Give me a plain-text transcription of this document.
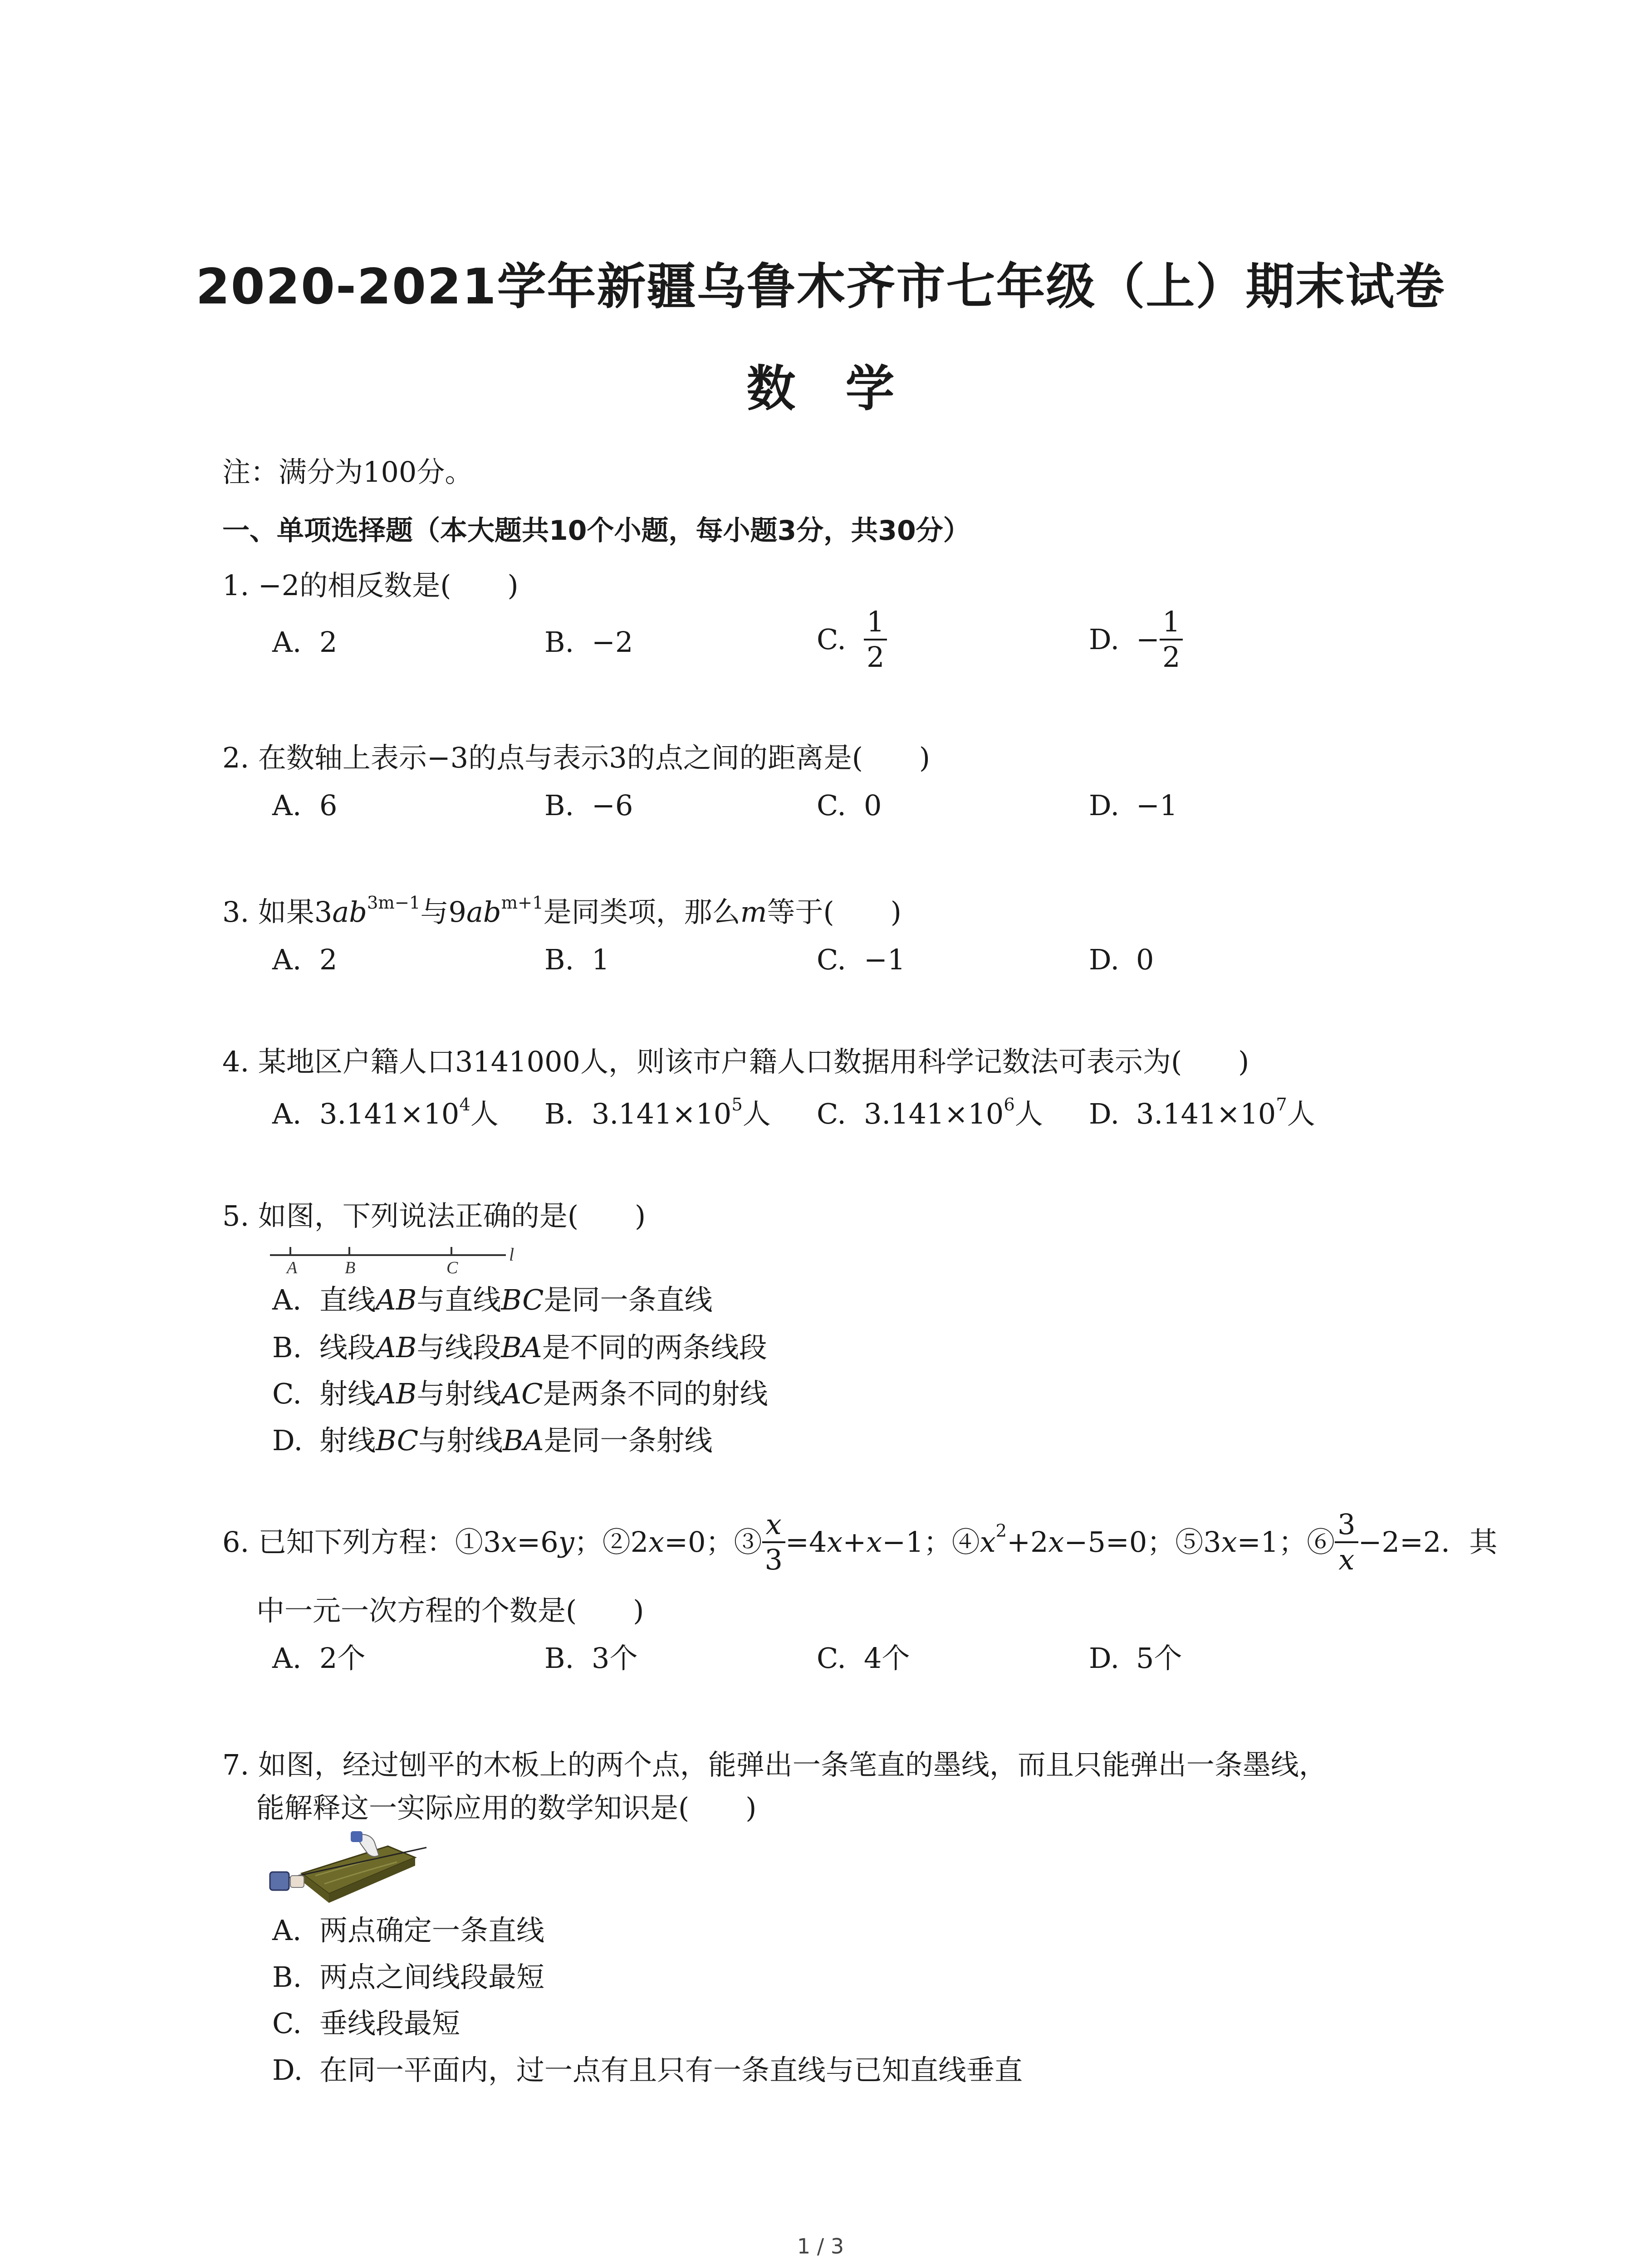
2020-2021学年新疆乌鲁木齐市七年级（上）期末试卷
数学
注：满分为100分。
一、单项选择题（本大题共10个小题，每小题3分，共30分）
1. −2的相反数是(　　)
A. 2	B. −2	C. $\frac{1}{2}$	D. − $\frac{1}{2}$
2. 在数轴上表示−3的点与表示3的点之间的距离是(　　)
A. 6	B. −6	C. 0	D. −1
3. 如果$3ab^{3m-1}$与$9ab^{m+1}$是同类项，那么m等于(　　)
A. 2	B. 1	C. −1	D. 0
4. 某地区户籍人口3141000人，则该市户籍人口数据用科学记数法可表示为(　　)
A. $3.141\times 10^4$人 B. $3.141\times 10^5$人 C. $3.141\times 10^6$人 D. $3.141\times 10^7$人
5. 如图，下列说法正确的是(　　)
A	B	C
l
A. 直线AB与直线BC是同一条直线
B. 线段AB与线段BA是不同的两条线段
C. 射线AB与射线AC是两条不同的射线
D. 射线BC与射线BA是同一条射线
6. 已知下列方程：①3x=6y；②2x=0；③ $\frac{x}{3} =4x+x-1$；$④x^2+2x-5=0$；⑤3x=1；⑥ $\frac{3}{x} -2=2$．其
中一元一次方程的个数是(　　)
A. 2个	B. 3个	C. 4个	D. 5个
7. 如图，经过刨平的木板上的两个点，能弹出一条笔直的墨线，而且只能弹出一条墨线，
能解释这一实际应用的数学知识是(　　)
A. 两点确定一条直线
B. 两点之间线段最短
C. 垂线段最短
D. 在同一平面内，过一点有且只有一条直线与已知直线垂直
1 / 3
